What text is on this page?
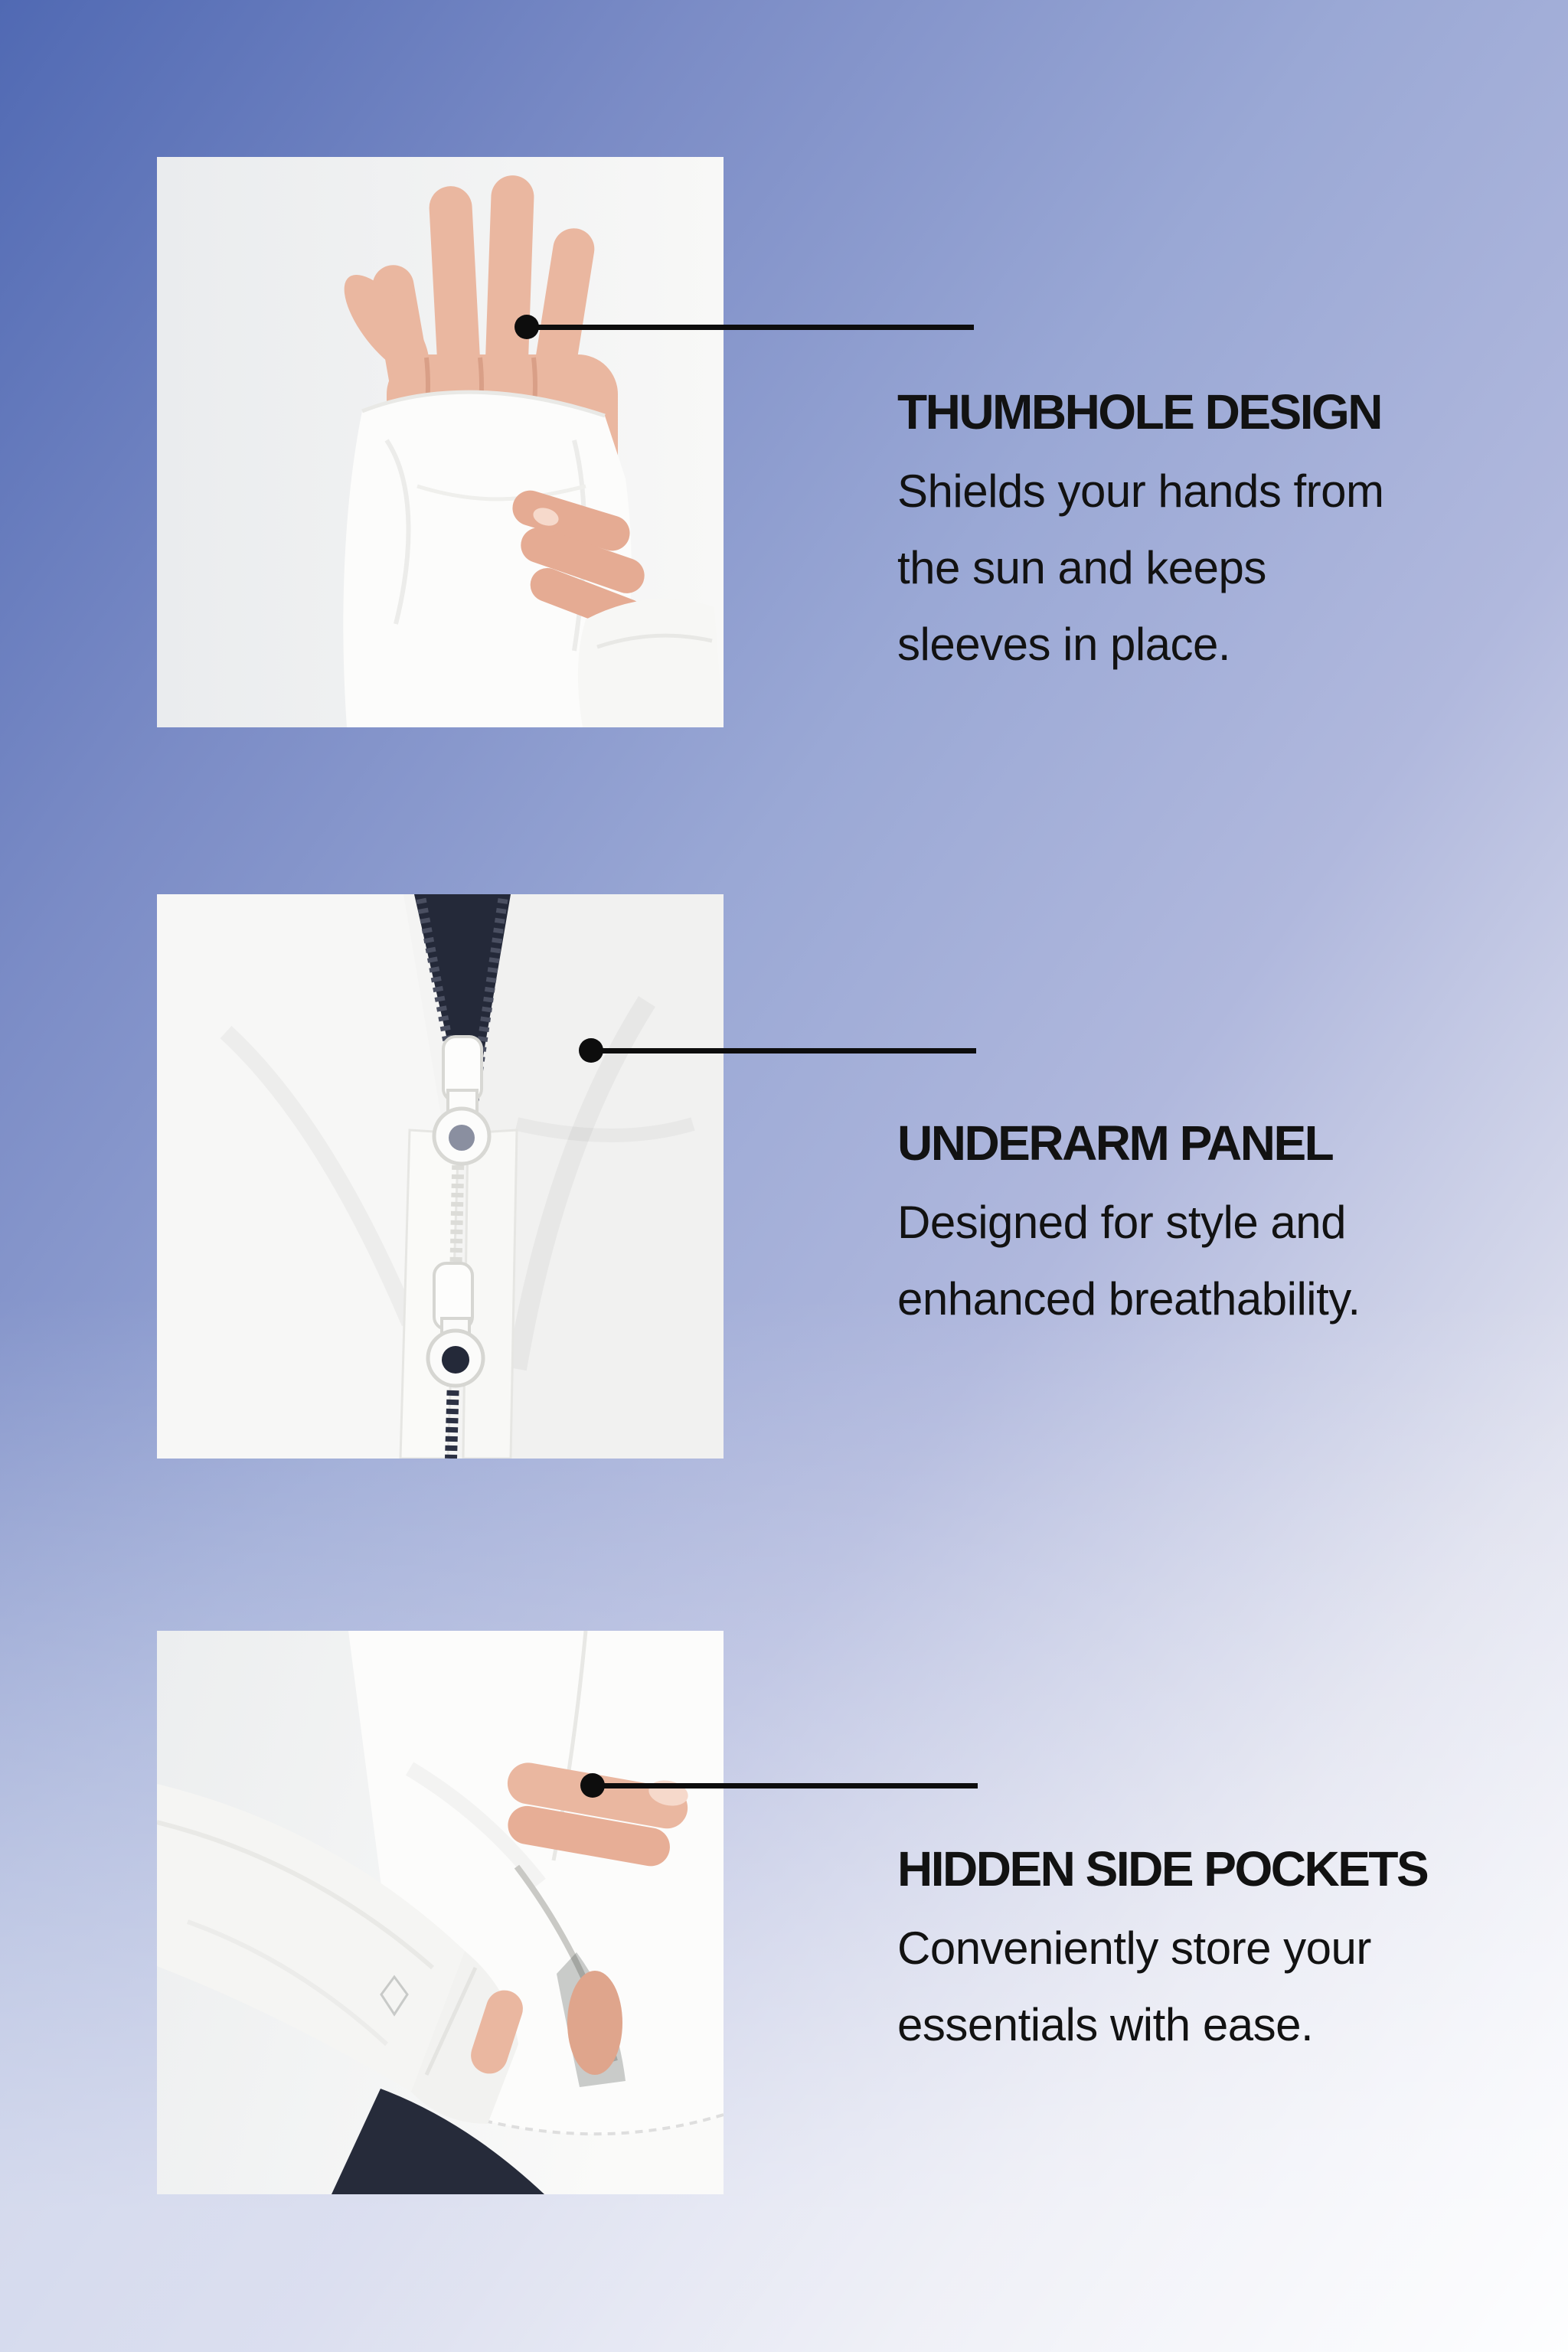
THUMBHOLE DESIGN

Shields your hands from

the sun and keeps

sleeves in place.

UNDERARM PANEL

Designed for style and

enhanced breathability.

HIDDEN SIDE POCKETS

Conveniently store your

essentials with ease.
